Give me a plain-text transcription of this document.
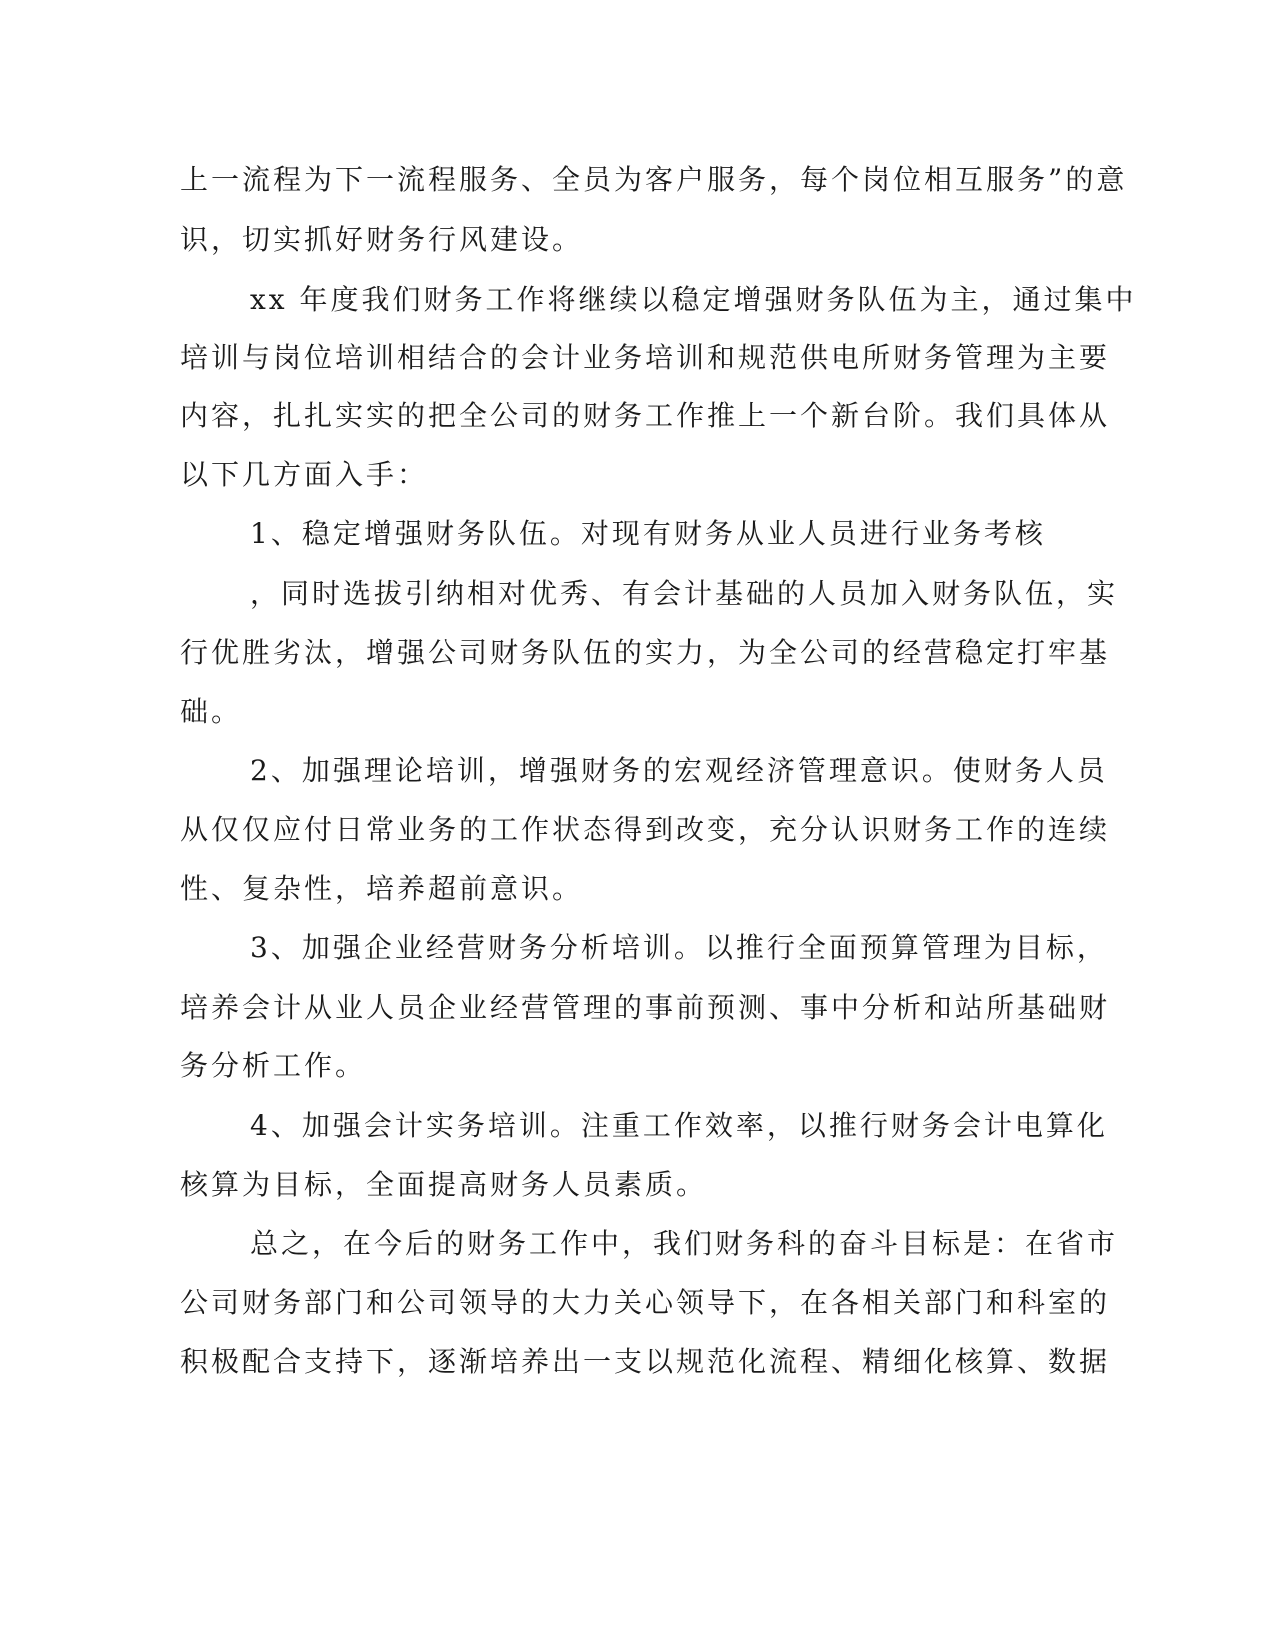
上一流程为下一流程服务、全员为客户服务，每个岗位相互服务”的意

识，切实抓好财务行风建设。

xx 年度我们财务工作将继续以稳定增强财务队伍为主，通过集中

培训与岗位培训相结合的会计业务培训和规范供电所财务管理为主要

内容，扎扎实实的把全公司的财务工作推上一个新台阶。我们具体从

以下几方面入手：

1、稳定增强财务队伍。对现有财务从业人员进行业务考核

，同时选拔引纳相对优秀、有会计基础的人员加入财务队伍，实

行优胜劣汰，增强公司财务队伍的实力，为全公司的经营稳定打牢基

础。

2、加强理论培训，增强财务的宏观经济管理意识。使财务人员

从仅仅应付日常业务的工作状态得到改变，充分认识财务工作的连续

性、复杂性，培养超前意识。

3、加强企业经营财务分析培训。以推行全面预算管理为目标，

培养会计从业人员企业经营管理的事前预测、事中分析和站所基础财

务分析工作。

4、加强会计实务培训。注重工作效率，以推行财务会计电算化

核算为目标，全面提高财务人员素质。

总之，在今后的财务工作中，我们财务科的奋斗目标是：在省市

公司财务部门和公司领导的大力关心领导下，在各相关部门和科室的

积极配合支持下，逐渐培养出一支以规范化流程、精细化核算、数据
